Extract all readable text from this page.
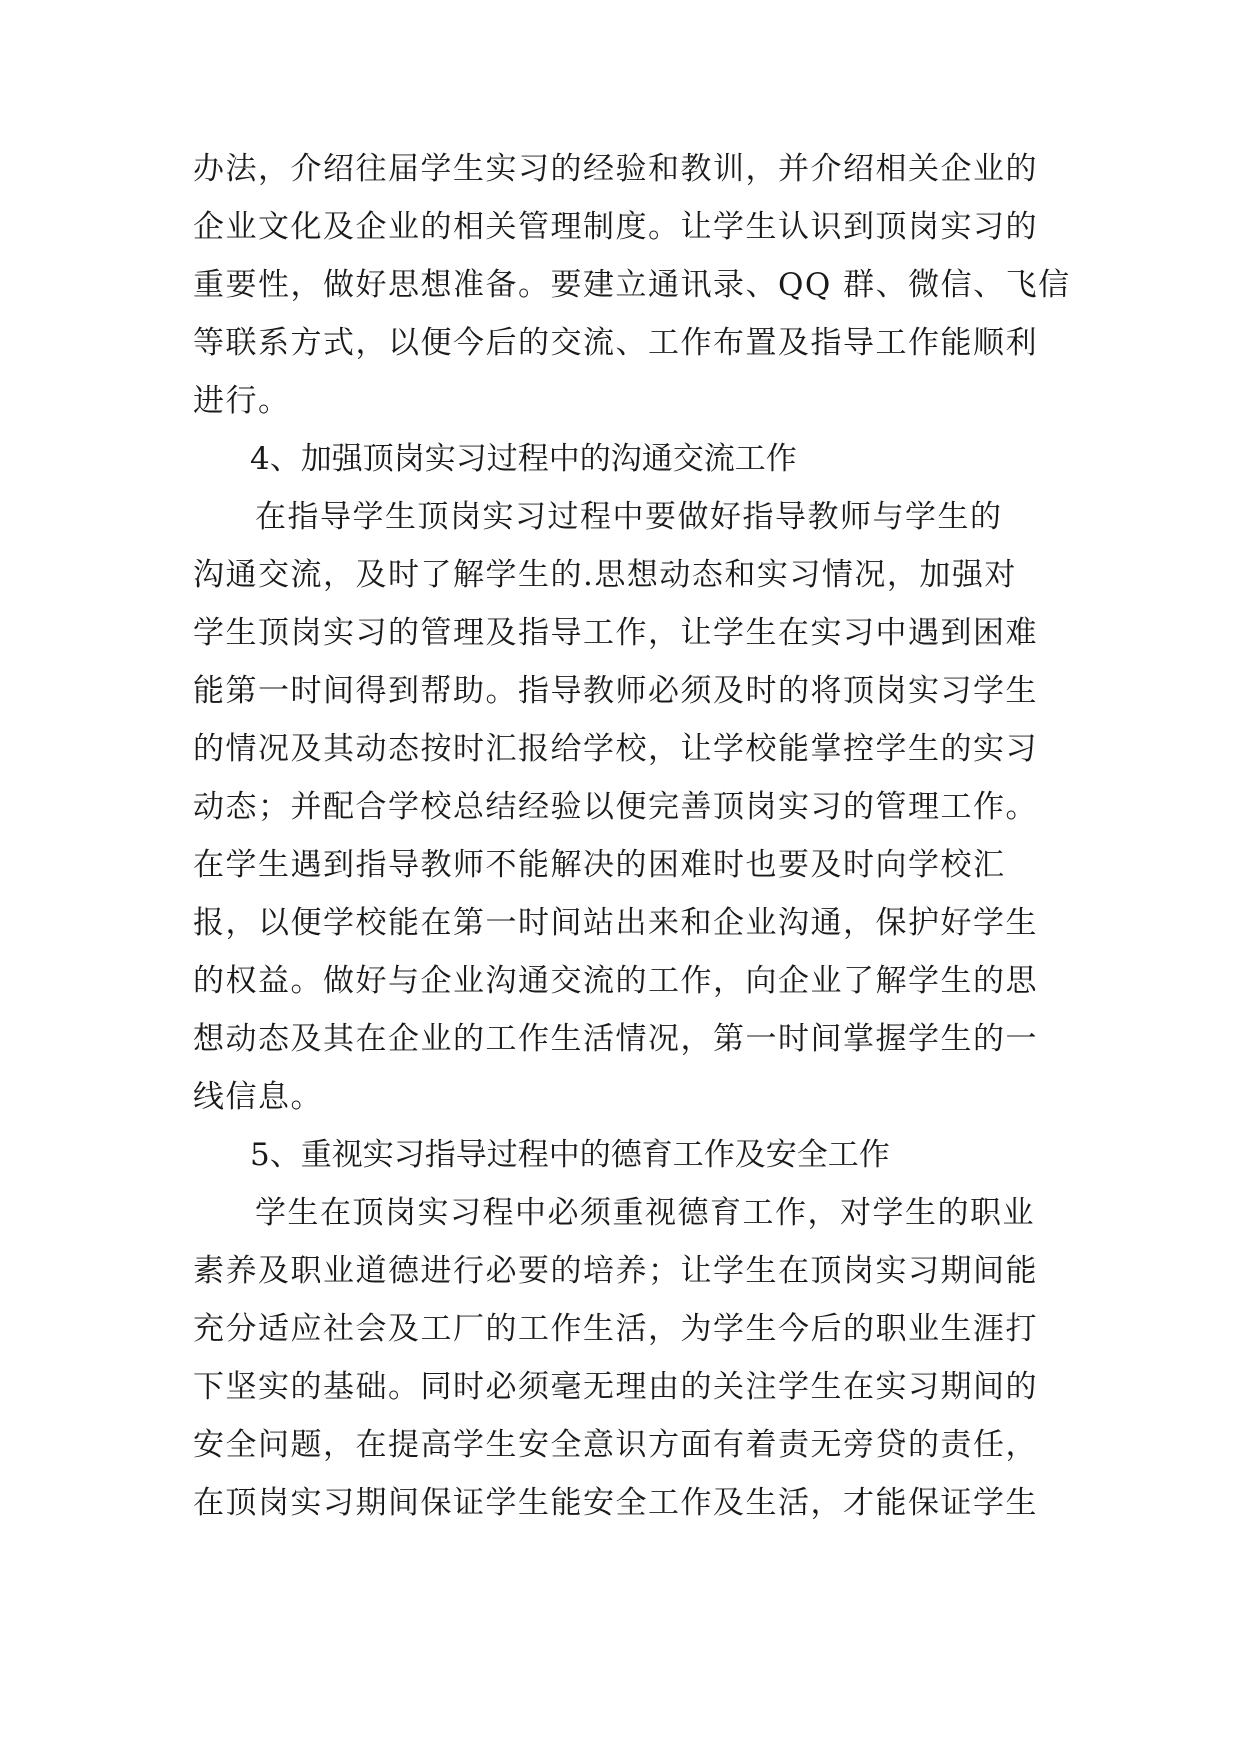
办法，介绍往届学生实习的经验和教训，并介绍相关企业的
企业文化及企业的相关管理制度。让学生认识到顶岗实习的
重要性，做好思想准备。要建立通讯录、QQ 群、微信、飞信
等联系方式，以便今后的交流、工作布置及指导工作能顺利
进行。
4、加强顶岗实习过程中的沟通交流工作
在指导学生顶岗实习过程中要做好指导教师与学生的
沟通交流，及时了解学生的.思想动态和实习情况，加强对
学生顶岗实习的管理及指导工作，让学生在实习中遇到困难
能第一时间得到帮助。指导教师必须及时的将顶岗实习学生
的情况及其动态按时汇报给学校，让学校能掌控学生的实习
动态；并配合学校总结经验以便完善顶岗实习的管理工作。
在学生遇到指导教师不能解决的困难时也要及时向学校汇
报，以便学校能在第一时间站出来和企业沟通，保护好学生
的权益。做好与企业沟通交流的工作，向企业了解学生的思
想动态及其在企业的工作生活情况，第一时间掌握学生的一
线信息。
5、重视实习指导过程中的德育工作及安全工作
学生在顶岗实习程中必须重视德育工作，对学生的职业
素养及职业道德进行必要的培养；让学生在顶岗实习期间能
充分适应社会及工厂的工作生活，为学生今后的职业生涯打
下坚实的基础。同时必须毫无理由的关注学生在实习期间的
安全问题，在提高学生安全意识方面有着责无旁贷的责任，
在顶岗实习期间保证学生能安全工作及生活，才能保证学生
